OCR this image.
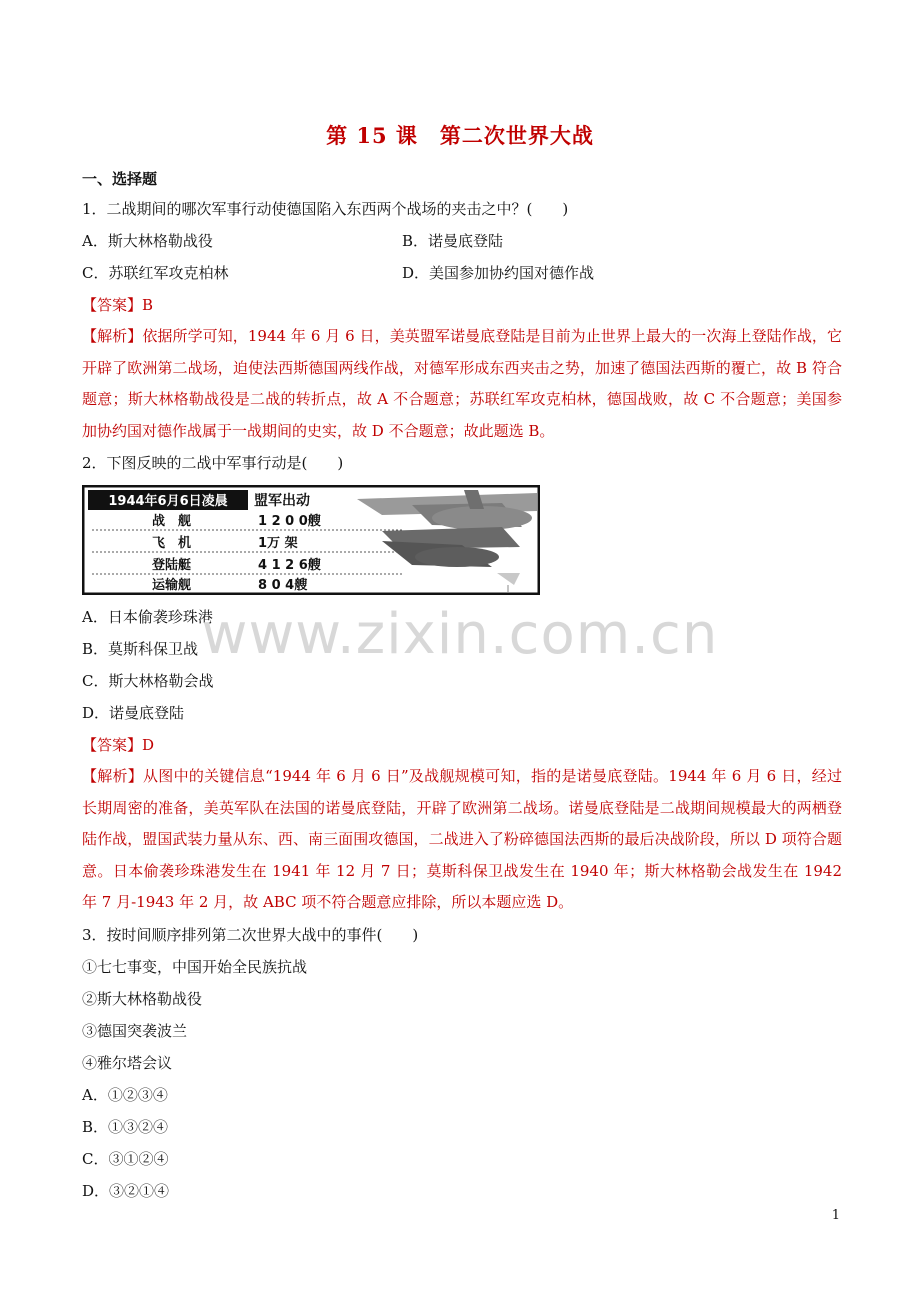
第 15 课　第二次世界大战
一、选择题
1．二战期间的哪次军事行动使德国陷入东西两个战场的夹击之中？(　　)
A．斯大林格勒战役	B．诺曼底登陆
C．苏联红军攻克柏林	D．美国参加协约国对德作战
【答案】B

【解析】依据所学可知，1944 年 6 月 6 日，美英盟军诺曼底登陆是目前为止世界上最大的一次海上登陆作战，它开辟了欧洲第二战场，迫使法西斯德国两线作战，对德军形成东西夹击之势，加速了德国法西斯的覆亡，故 B 符合题意；斯大林格勒战役是二战的转折点，故 A 不合题意；苏联红军攻克柏林，德国战败，故 C 不合题意；美国参加协约国对德作战属于一战期间的史实，故 D 不合题意；故此题选 B。

2．下图反映的二战中军事行动是(　　)
1944年6月6日凌晨 盟军出动
战　舰	1 2 0 0艘
飞　机	1万 架
登陆艇	4 1 2 6艘
运输舰	8 0 4艘
A．日本偷袭珍珠港
B．莫斯科保卫战
C．斯大林格勒会战
D．诺曼底登陆
【答案】D

【解析】从图中的关键信息“1944 年 6 月 6 日”及战舰规模可知，指的是诺曼底登陆。1944 年 6 月 6 日，经过长期周密的准备，美英军队在法国的诺曼底登陆，开辟了欧洲第二战场。诺曼底登陆是二战期间规模最大的两栖登陆作战，盟国武装力量从东、西、南三面围攻德国，二战进入了粉碎德国法西斯的最后决战阶段，所以 D 项符合题意。日本偷袭珍珠港发生在 1941 年 12 月 7 日；莫斯科保卫战发生在 1940 年；斯大林格勒会战发生在 1942 年 7 月-1943 年 2 月，故 ABC 项不符合题意应排除，所以本题应选 D。

3．按时间顺序排列第二次世界大战中的事件(　　)
①七七事变，中国开始全民族抗战
②斯大林格勒战役
③德国突袭波兰
④雅尔塔会议
A．①②③④
B．①③②④
C．③①②④
D．③②①④
www.zixin.com.cn
1
